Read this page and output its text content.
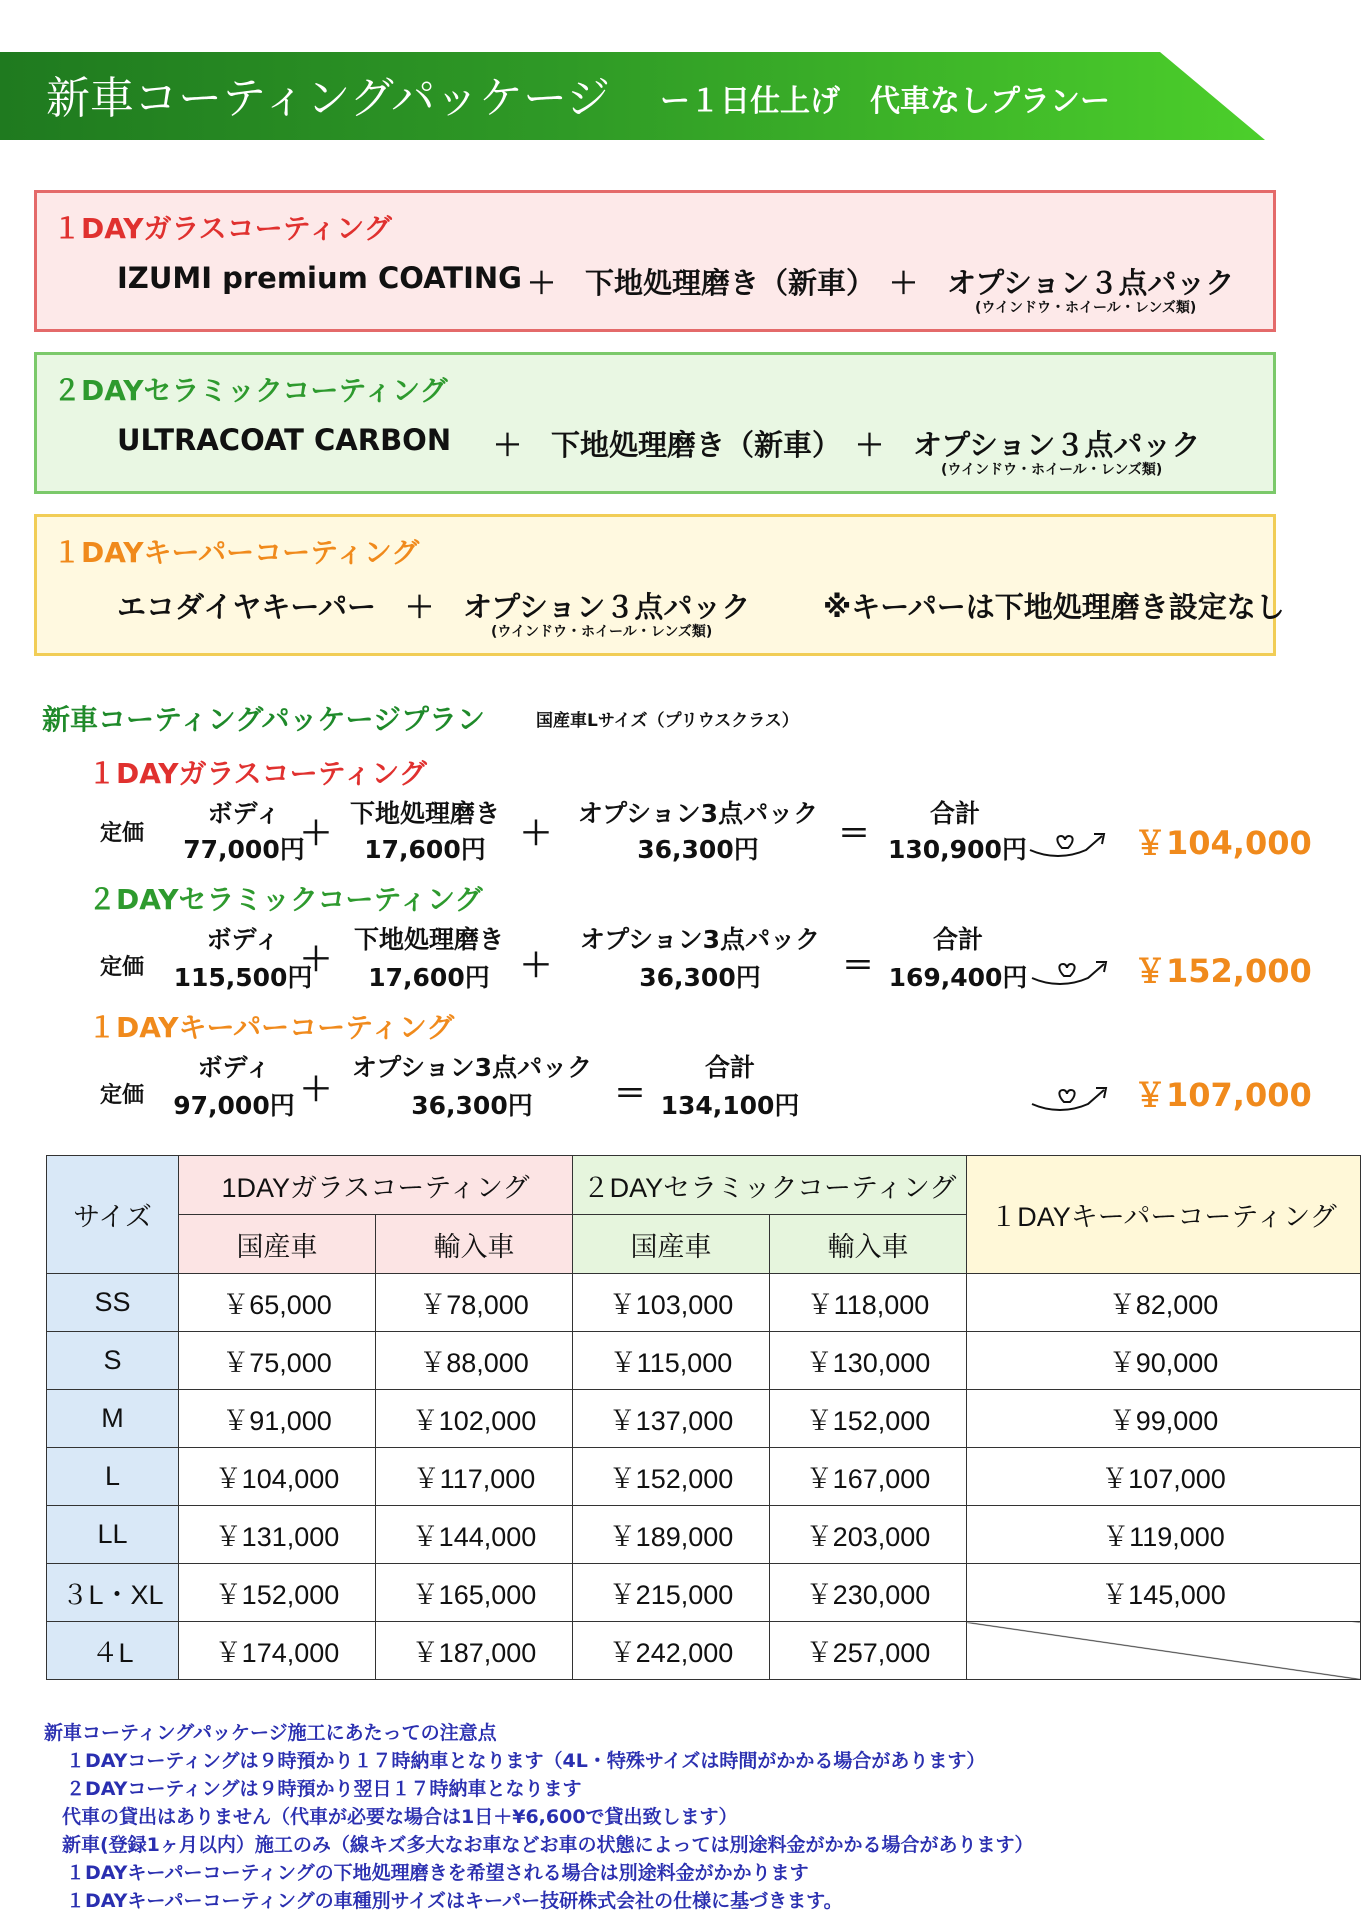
新車コーティングパッケージ ー１日仕上げ　代車なしプランー
１DAYガラスコーティング
IZUMI premium COATING ＋ 下地処理磨き（新車） ＋ オプション３点パック
(ウインドウ・ホイール・レンズ類)
２DAYセラミックコーティング
ULTRACOAT CARBON ＋ 下地処理磨き（新車） ＋ オプション３点パック
(ウインドウ・ホイール・レンズ類)
１DAYキーパーコーティング
エコダイヤキーパー ＋ オプション３点パック
(ウインドウ・ホイール・レンズ類)
※キーパーは下地処理磨き設定なし
新車コーティングパッケージプラン	国産車Lサイズ（プリウスクラス）
１DAYガラスコーティング
定価
ボディ
77,000円
＋
下地処理磨き
17,600円	＋
オプション3点パック
36,300円	＝
合計
130,900円	￥104,000
２DAYセラミックコーティング
定価
ボディ
115,500円
＋
下地処理磨き
17,600円 ＋
オプション3点パック
36,300円	＝
合計
169,400円	￥152,000
１DAYキーパーコーティング
定価
ボディ
97,000円 ＋
オプション3点パック
36,300円	＝
合計
134,100円	￥107,000
サイズ	1DAYガラスコーティング		２DAYセラミックコーティング		１DAYキーパーコーティング
	国産車	輸入車	国産車	輸入車	
SS	￥65,000	￥78,000	￥103,000	￥118,000	￥82,000
S	￥75,000	￥88,000	￥115,000	￥130,000	￥90,000
M	￥91,000	￥102,000	￥137,000	￥152,000	￥99,000
L	￥104,000	￥117,000	￥152,000	￥167,000	￥107,000
LL	￥131,000	￥144,000	￥189,000	￥203,000	￥119,000
３L・XL	￥152,000	￥165,000	￥215,000	￥230,000	￥145,000
４L	￥174,000	￥187,000	￥242,000	￥257,000	
新車コーティングパッケージ施工にあたっての注意点
１DAYコーティングは９時預かり１７時納車となります（4L・特殊サイズは時間がかかる場合があります）
２DAYコーティングは９時預かり翌日１７時納車となります
代車の貸出はありません（代車が必要な場合は1日＋¥6,600で貸出致します）
新車(登録1ヶ月以内）施工のみ（線キズ多大なお車などお車の状態によっては別途料金がかかる場合があります）
１DAYキーパーコーティングの下地処理磨きを希望される場合は別途料金がかかります
１DAYキーパーコーティングの車種別サイズはキーパー技研株式会社の仕様に基づきます。
